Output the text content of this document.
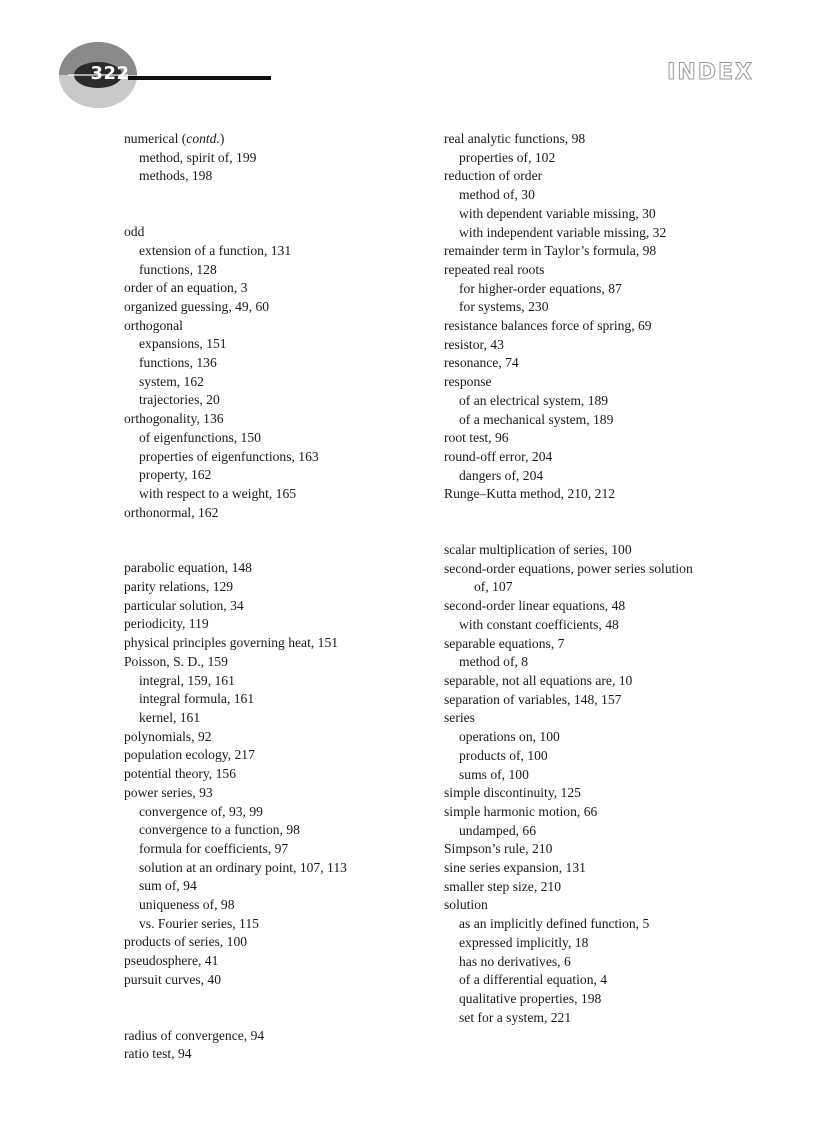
322	INDEX
numerical (contd.)
method, spirit of, 199
methods, 198
odd
extension of a function, 131
functions, 128
order of an equation, 3
organized guessing, 49, 60
orthogonal
expansions, 151
functions, 136
system, 162
trajectories, 20
orthogonality, 136
of eigenfunctions, 150
properties of eigenfunctions, 163
property, 162
with respect to a weight, 165
orthonormal, 162
parabolic equation, 148
parity relations, 129
particular solution, 34
periodicity, 119
physical principles governing heat, 151
Poisson, S. D., 159
integral, 159, 161
integral formula, 161
kernel, 161
polynomials, 92
population ecology, 217
potential theory, 156
power series, 93
convergence of, 93, 99
convergence to a function, 98
formula for coefficients, 97
solution at an ordinary point, 107, 113
sum of, 94
uniqueness of, 98
vs. Fourier series, 115
products of series, 100
pseudosphere, 41
pursuit curves, 40
radius of convergence, 94
ratio test, 94
real analytic functions, 98
properties of, 102
reduction of order
method of, 30
with dependent variable missing, 30
with independent variable missing, 32
remainder term in Taylor’s formula, 98
repeated real roots
for higher-order equations, 87
for systems, 230
resistance balances force of spring, 69
resistor, 43
resonance, 74
response
of an electrical system, 189
of a mechanical system, 189
root test, 96
round-off error, 204
dangers of, 204
Runge–Kutta method, 210, 212
scalar multiplication of series, 100
second-order equations, power series solution
of, 107
second-order linear equations, 48
with constant coefficients, 48
separable equations, 7
method of, 8
separable, not all equations are, 10
separation of variables, 148, 157
series
operations on, 100
products of, 100
sums of, 100
simple discontinuity, 125
simple harmonic motion, 66
undamped, 66
Simpson’s rule, 210
sine series expansion, 131
smaller step size, 210
solution
as an implicitly defined function, 5
expressed implicitly, 18
has no derivatives, 6
of a differential equation, 4
qualitative properties, 198
set for a system, 221
